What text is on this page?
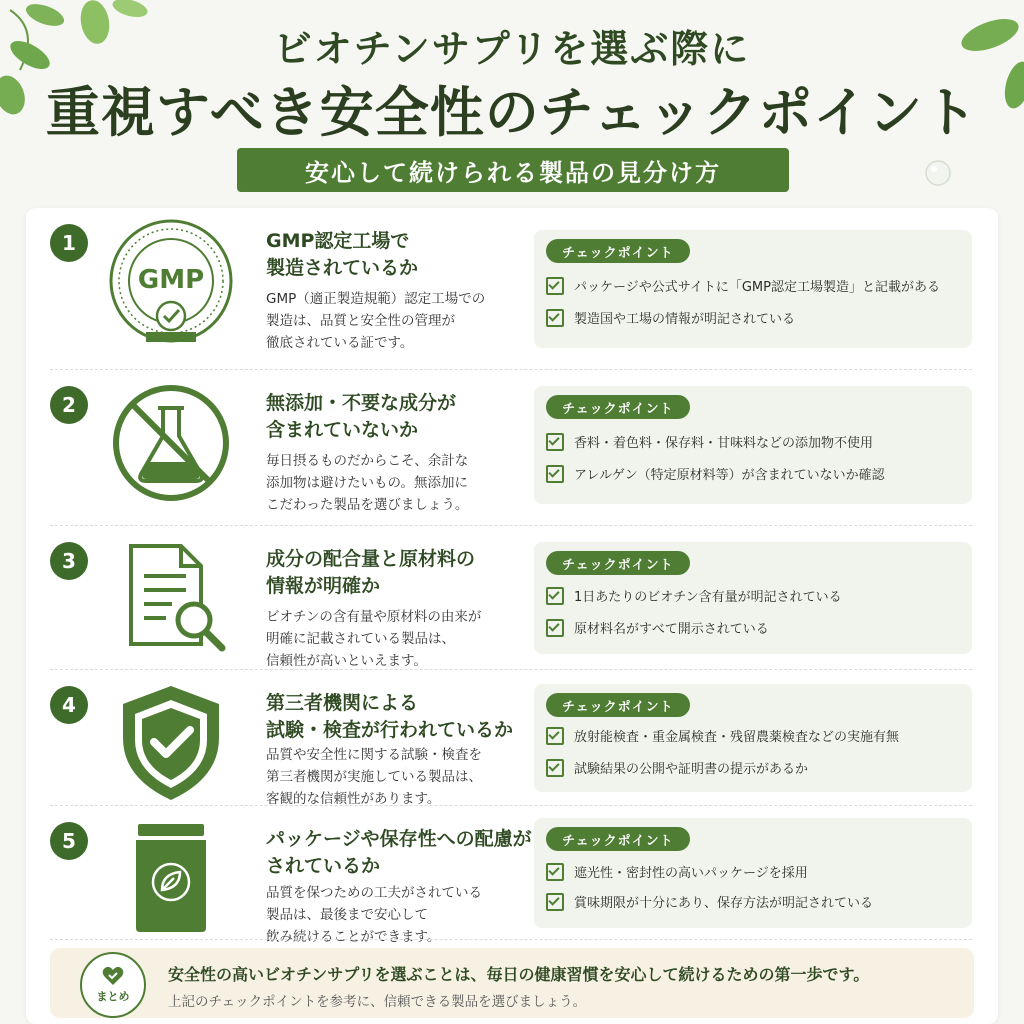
ビオチンサプリを選ぶ際に
重視すべき安全性のチェックポイント
安心して続けられる製品の見分け方
1
GMP
GMP認定工場で
製造されているか
GMP（適正製造規範）認定工場での
製造は、品質と安全性の管理が
徹底されている証です。
チェックポイント
パッケージや公式サイトに「GMP認定工場製造」と記載がある
製造国や工場の情報が明記されている
2	無添加・不要な成分が
含まれていないか
毎日摂るものだからこそ、余計な
添加物は避けたいもの。無添加に
こだわった製品を選びましょう。
チェックポイント
香料・着色料・保存料・甘味料などの添加物不使用
アレルゲン（特定原材料等）が含まれていないか確認
3	成分の配合量と原材料の
情報が明確か
ビオチンの含有量や原材料の由来が
明確に記載されている製品は、
信頼性が高いといえます。
チェックポイント
1日あたりのビオチン含有量が明記されている
原材料名がすべて開示されている
4	第三者機関による
試験・検査が行われているか
品質や安全性に関する試験・検査を
第三者機関が実施している製品は、
客観的な信頼性があります。
チェックポイント
放射能検査・重金属検査・残留農薬検査などの実施有無
試験結果の公開や証明書の提示があるか
5	パッケージや保存性への配慮が
されているか
品質を保つための工夫がされている
製品は、最後まで安心して
飲み続けることができます。
チェックポイント
遮光性・密封性の高いパッケージを採用
賞味期限が十分にあり、保存方法が明記されている
まとめ
安全性の高いビオチンサプリを選ぶことは、毎日の健康習慣を安心して続けるための第一歩です。
上記のチェックポイントを参考に、信頼できる製品を選びましょう。
